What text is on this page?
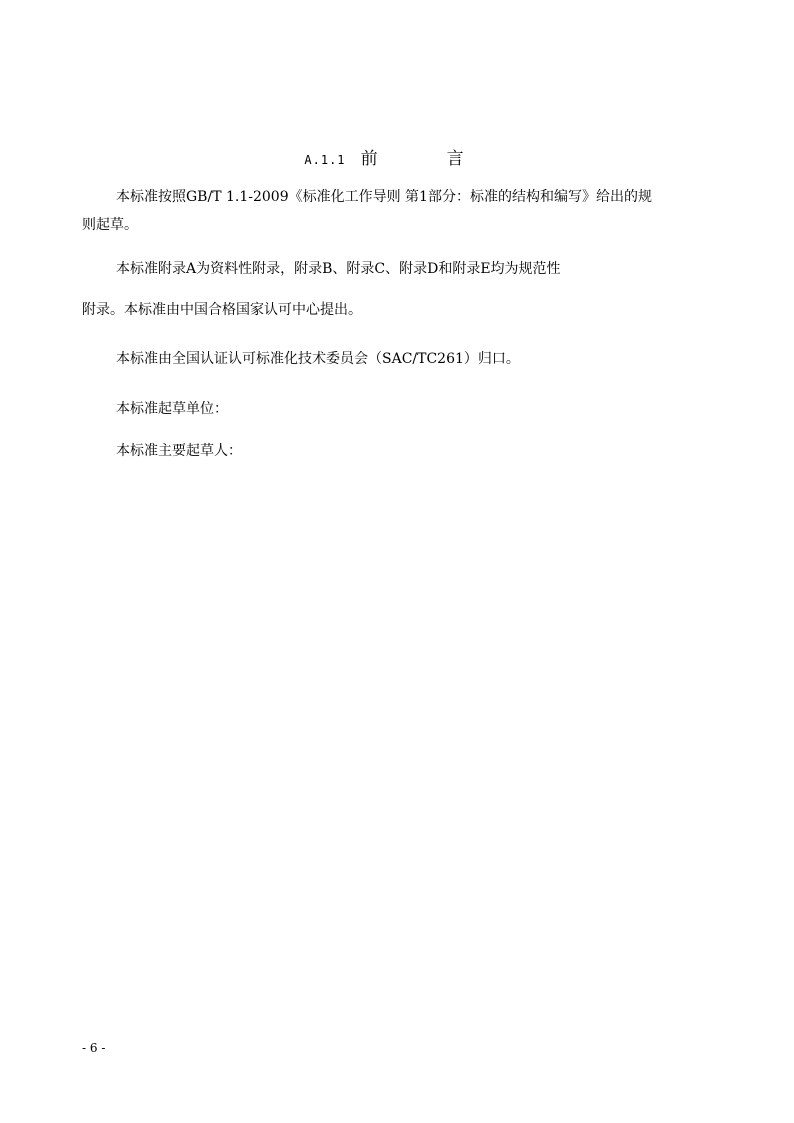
A.1.1 前　言

本标准按照GB/T 1.1-2009《标准化工作导则 第1部分：标准的结构和编写》给出的规

则起草。

本标准附录A为资料性附录，附录B、附录C、附录D和附录E均为规范性

附录。本标准由中国合格国家认可中心提出。

本标准由全国认证认可标准化技术委员会（SAC/TC261）归口。

本标准起草单位：

本标准主要起草人：

- 6 -
